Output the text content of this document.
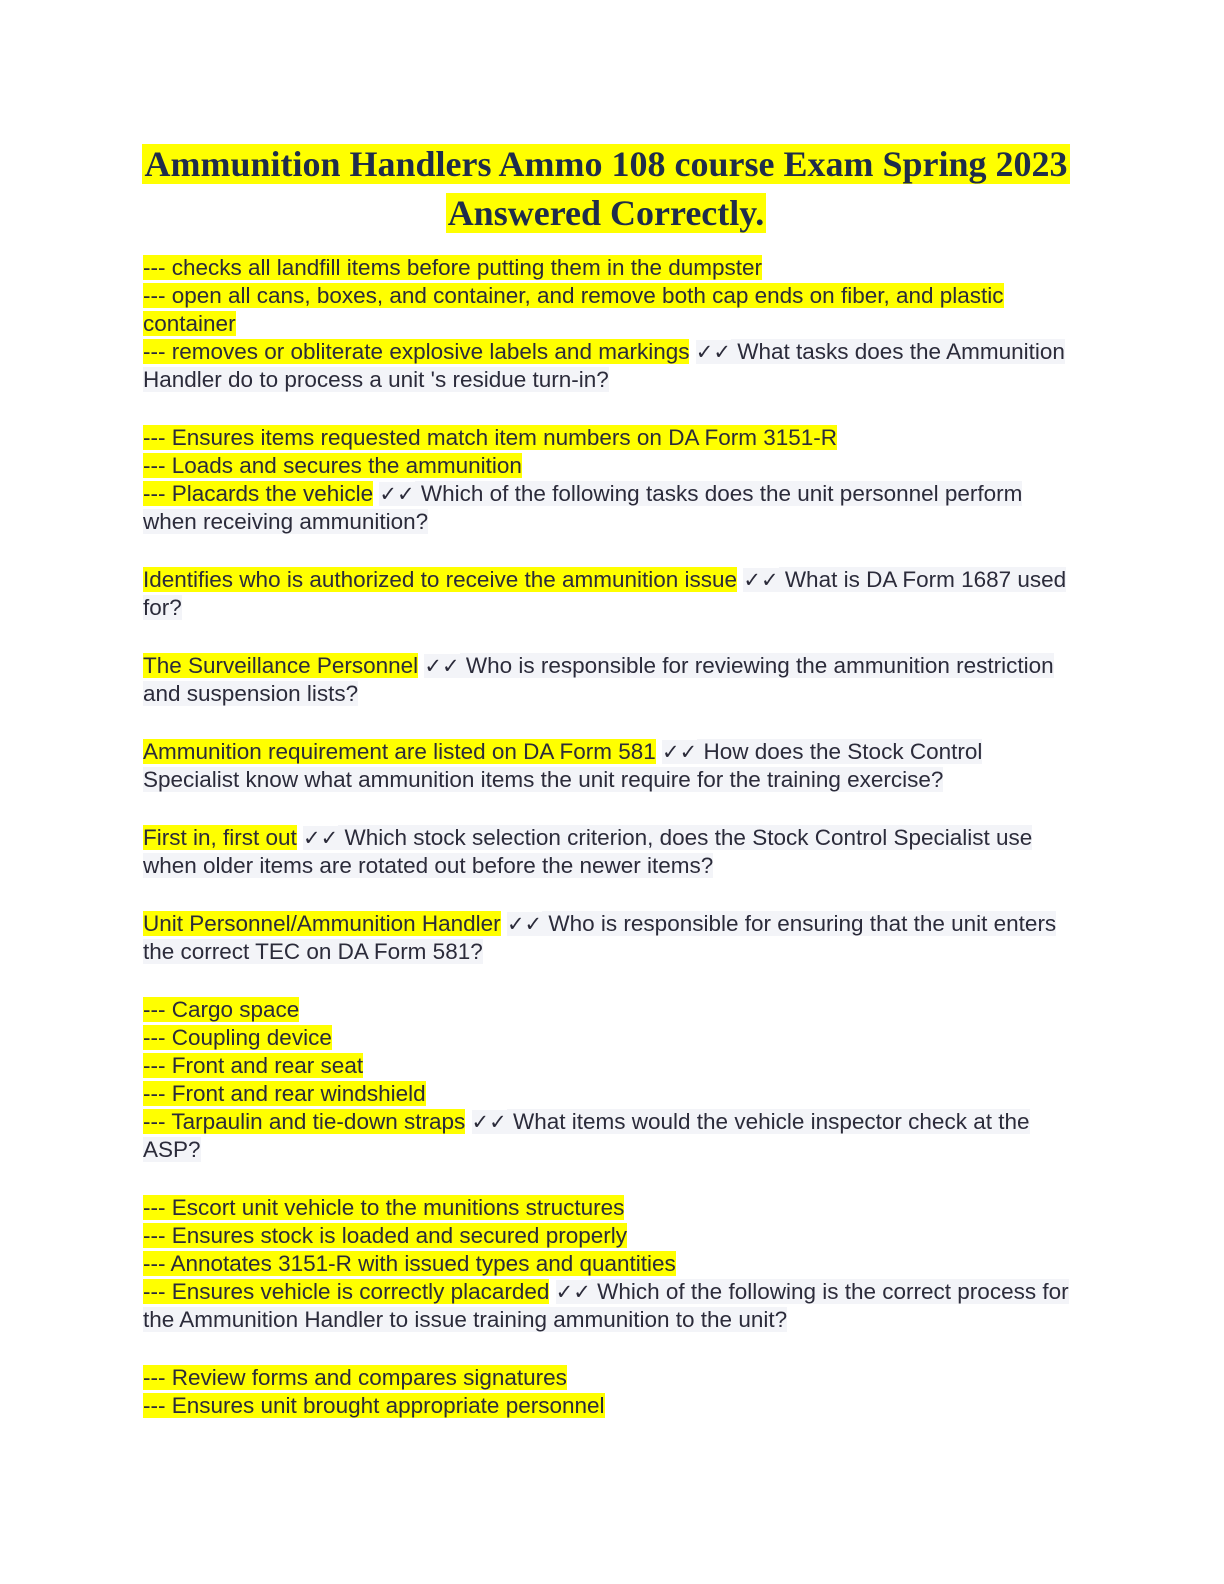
Ammunition Handlers Ammo 108 course Exam Spring 2023 Answered Correctly.
--- checks all landfill items before putting them in the dumpster
--- open all cans, boxes, and container, and remove both cap ends on fiber, and plastic container
--- removes or obliterate explosive labels and markings ✓✓ What tasks does the Ammunition Handler do to process a unit 's residue turn-in?
--- Ensures items requested match item numbers on DA Form 3151-R
--- Loads and secures the ammunition
--- Placards the vehicle ✓✓ Which of the following tasks does the unit personnel perform when receiving ammunition?
Identifies who is authorized to receive the ammunition issue ✓✓ What is DA Form 1687 used for?
The Surveillance Personnel ✓✓ Who is responsible for reviewing the ammunition restriction and suspension lists?
Ammunition requirement are listed on DA Form 581 ✓✓ How does the Stock Control Specialist know what ammunition items the unit require for the training exercise?
First in, first out ✓✓ Which stock selection criterion, does the Stock Control Specialist use when older items are rotated out before the newer items?
Unit Personnel/Ammunition Handler ✓✓ Who is responsible for ensuring that the unit enters the correct TEC on DA Form 581?
--- Cargo space
--- Coupling device
--- Front and rear seat
--- Front and rear windshield
--- Tarpaulin and tie-down straps ✓✓ What items would the vehicle inspector check at the ASP?
--- Escort unit vehicle to the munitions structures
--- Ensures stock is loaded and secured properly
--- Annotates 3151-R with issued types and quantities
--- Ensures vehicle is correctly placarded ✓✓ Which of the following is the correct process for the Ammunition Handler to issue training ammunition to the unit?
--- Review forms and compares signatures
--- Ensures unit brought appropriate personnel
